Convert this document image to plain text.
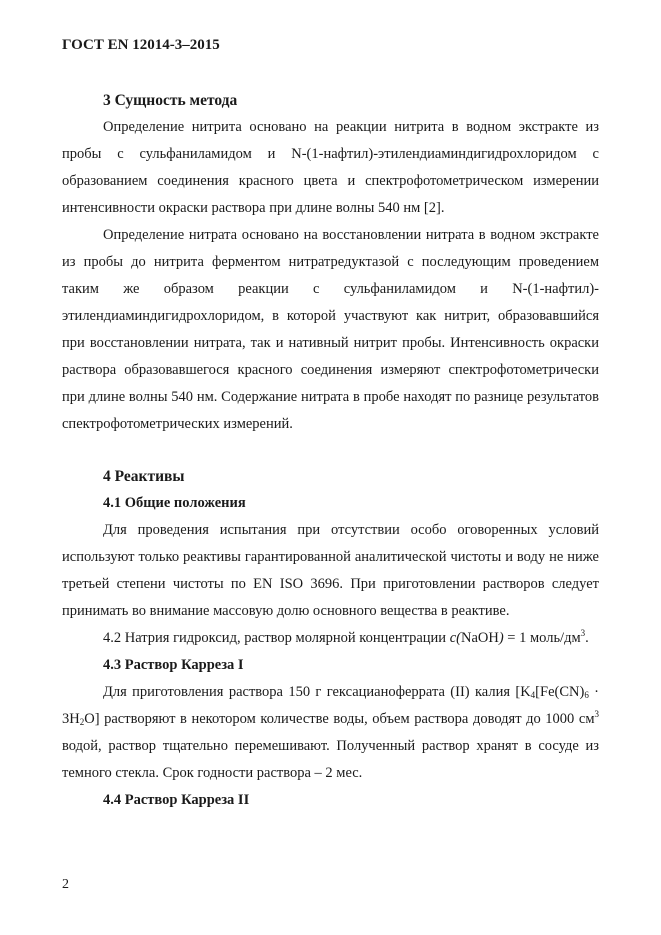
ГОСТ EN 12014-3–2015
3 Сущность метода

Определение нитрита основано на реакции нитрита в водном экстракте из пробы с сульфаниламидом и N-(1-нафтил)-этилендиаминдигидрохлоридом с образованием соединения красного цвета и спектрофотометрическом измерении интенсивности окраски раствора при длине волны 540 нм [2].

Определение нитрата основано на восстановлении нитрата в водном экстракте из пробы до нитрита ферментом нитратредуктазой с последующим проведением таким же образом реакции с сульфаниламидом и N-(1-нафтил)-этилендиаминдигидрохлоридом, в которой участвуют как нитрит, образовавшийся при восстановлении нитрата, так и нативный нитрит пробы. Интенсивность окраски раствора образовавшегося красного соединения измеряют спектрофотометрически при длине волны 540 нм. Содержание нитрата в пробе находят по разнице результатов спектрофотометрических измерений.

4 Реактивы
4.1 Общие положения

Для проведения испытания при отсутствии особо оговоренных условий используют только реактивы гарантированной аналитической чистоты и воду не ниже третьей степени чистоты по EN ISO 3696. При приготовлении растворов следует принимать во внимание массовую долю основного вещества в реактиве.

4.2 Натрия гидроксид, раствор молярной концентрации c(NaOH) = 1 моль/$дм^3$.

4.3 Раствор Карреза I

Для приготовления раствора 150 г гексацианоферрата (II) калия [$K_4[Fe(CN)_6 \cdot 3H_2O]$ растворяют в некотором количестве воды, объем раствора доводят до 1000 $см^3$ водой, раствор тщательно перемешивают. Полученный раствор хранят в сосуде из темного стекла. Срок годности раствора – 2 мес.

4.4 Раствор Карреза II
2
